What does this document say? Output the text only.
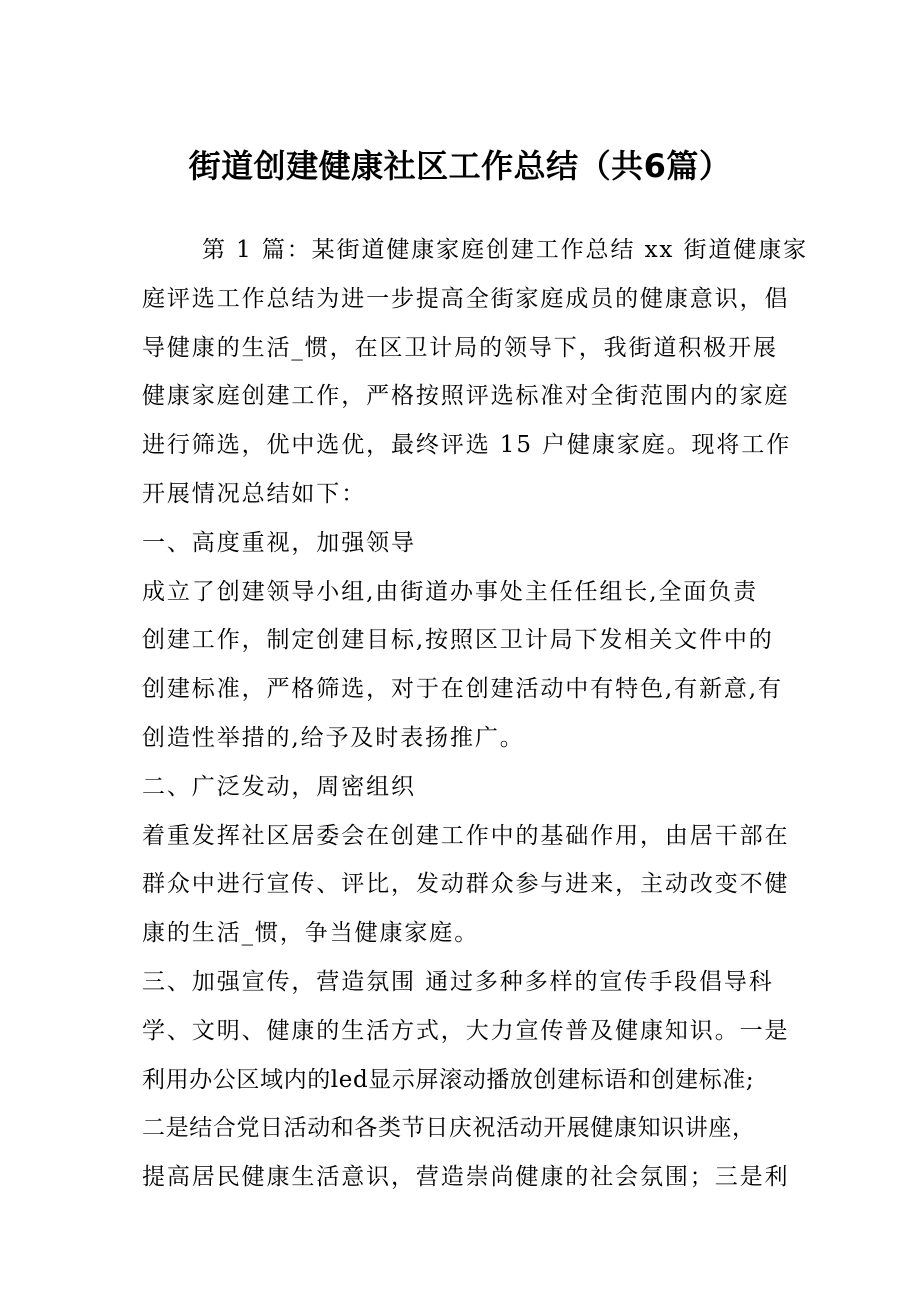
街道创建健康社区工作总结（共6篇）
第 1 篇：某街道健康家庭创建工作总结 xx 街道健康家
庭评选工作总结为进一步提高全街家庭成员的健康意识，倡
导健康的生活_惯，在区卫计局的领导下，我街道积极开展
健康家庭创建工作，严格按照评选标准对全街范围内的家庭
进行筛选，优中选优，最终评选 15 户健康家庭。现将工作
开展情况总结如下：
一、高度重视，加强领导
成立了创建领导小组,由街道办事处主任任组长,全面负责
创建工作，制定创建目标,按照区卫计局下发相关文件中的
创建标准，严格筛选，对于在创建活动中有特色,有新意,有
创造性举措的,给予及时表扬推广。
二、广泛发动，周密组织
着重发挥社区居委会在创建工作中的基础作用，由居干部在
群众中进行宣传、评比，发动群众参与进来，主动改变不健
康的生活_惯，争当健康家庭。
三、加强宣传，营造氛围 通过多种多样的宣传手段倡导科
学、文明、健康的生活方式，大力宣传普及健康知识。一是
利用办公区域内的led显示屏滚动播放创建标语和创建标准;
二是结合党日活动和各类节日庆祝活动开展健康知识讲座，
提高居民健康生活意识，营造崇尚健康的社会氛围；三是利
